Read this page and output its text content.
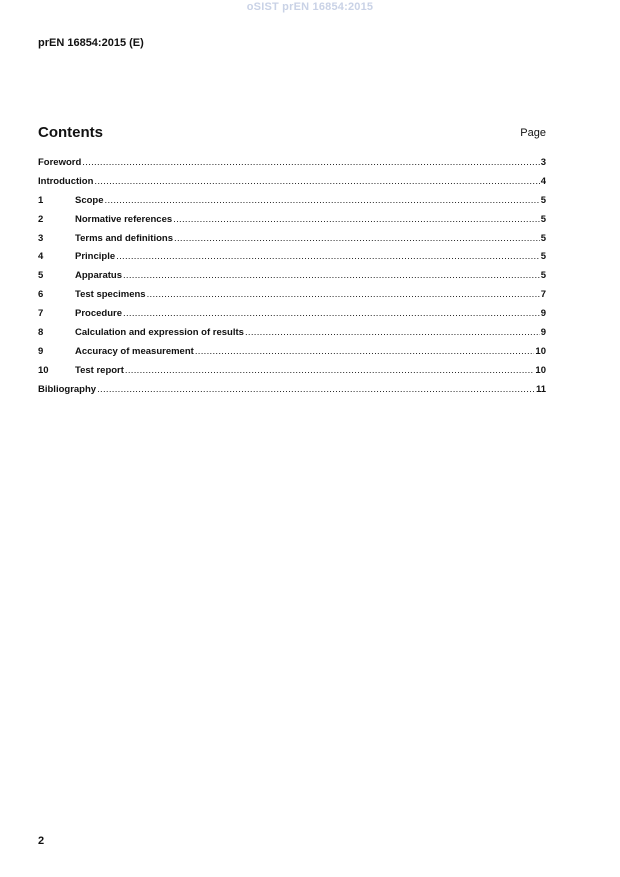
oSIST prEN 16854:2015
prEN 16854:2015 (E)
Contents	Page
Foreword .....	3
Introduction .....	4
1	Scope .....	5
2	Normative references .....	5
3	Terms and definitions .....	5
4	Principle .....	5
5	Apparatus .....	5
6	Test specimens .....	7
7	Procedure .....	9
8	Calculation and expression of results .....	9
9	Accuracy of measurement .....	10
10	Test report .....	10
Bibliography .....	11
2
